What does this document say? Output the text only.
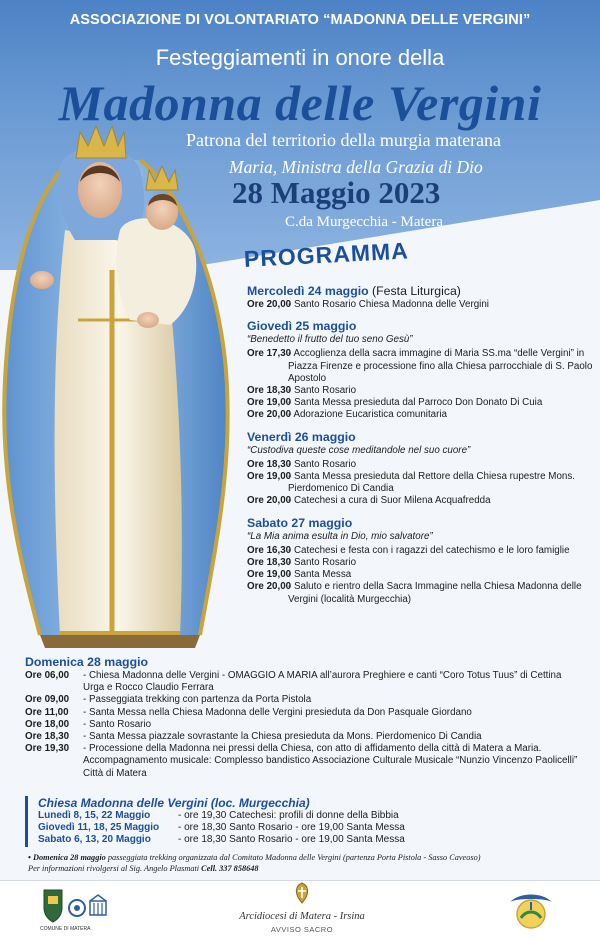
ASSOCIAZIONE DI VOLONTARIATO “MADONNA DELLE VERGINI”
Festeggiamenti in onore della
Madonna delle Vergini
Patrona del territorio della murgia materana
Maria, Ministra della Grazia di Dio
28 Maggio 2023
C.da Murgecchia - Matera
PROGRAMMA
Mercoledì 24 maggio (Festa Liturgica)
Ore 20,00
- Santo Rosario Chiesa Madonna delle Vergini
Giovedì 25 maggio
“Benedetto il frutto del tuo seno Gesù”
Ore 17,30
- Accoglienza della sacra immagine di Maria SS.ma “delle Vergini” in Piazza Firenze e processione fino alla Chiesa parrocchiale di S. Paolo Apostolo
Ore 18,30
- Santo Rosario
Ore 19,00
- Santa Messa presieduta dal Parroco Don Donato Di Cuia
Ore 20,00
- Adorazione Eucaristica comunitaria
Venerdì 26 maggio
“Custodiva queste cose meditandole nel suo cuore”
Ore 18,30
- Santo Rosario
Ore 19,00
- Santa Messa presieduta dal Rettore della Chiesa rupestre Mons. Pierdomenico Di Candia
Ore 20,00
- Catechesi a cura di Suor Milena Acquafredda
Sabato 27 maggio
“La Mia anima esulta in Dio, mio salvatore”
Ore 16,30
- Catechesi e festa con i ragazzi del catechismo e le loro famiglie
Ore 18,30
- Santo Rosario
Ore 19,00
- Santa Messa
Ore 20,00
- Saluto e rientro della Sacra Immagine nella Chiesa Madonna delle Vergini (località Murgecchia)
Domenica 28 maggio
Ore 06,00	- Chiesa Madonna delle Vergini - OMAGGIO A MARIA all’aurora Preghiere e canti “Coro Totus Tuus” di Cettina Urga e Rocco Claudio Ferrara
Ore 09,00	- Passeggiata trekking con partenza da Porta Pistola
Ore 11,00	- Santa Messa nella Chiesa Madonna delle Vergini presieduta da Don Pasquale Giordano
Ore 18,00	- Santo Rosario
Ore 18,30	- Santa Messa piazzale sovrastante la Chiesa presieduta da Mons. Pierdomenico Di Candia
Ore 19,30	- Processione della Madonna nei pressi della Chiesa, con atto di affidamento della città di Matera a Maria. Accompagnamento musicale: Complesso bandistico Associazione Culturale Musicale “Nunzio Vincenzo Paolicelli” Città di Matera
Chiesa Madonna delle Vergini (loc. Murgecchia)
Lunedì 8, 15, 22 Maggio	- ore 19,30 Catechesi: profili di donne della Bibbia
Giovedì 11, 18, 25 Maggio	- ore 18,30 Santo Rosario - ore 19,00 Santa Messa
Sabato 6, 13, 20 Maggio	- ore 18,30 Santo Rosario - ore 19,00 Santa Messa
• Domenica 28 maggio passeggiata trekking organizzata dal Comitato Madonna delle Vergini (partenza Porta Pistola - Sasso Caveoso)
Per informazioni rivolgersi al Sig. Angelo Plasmati Cell. 337 858648
COMUNE DI MATERA
Arcidiocesi di Matera - Irsina
AVVISO SACRO
